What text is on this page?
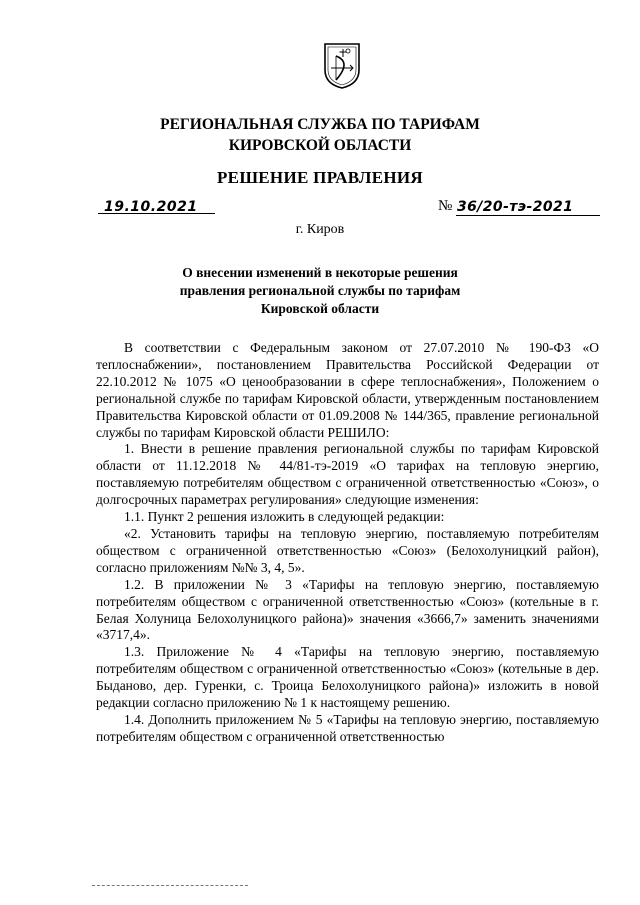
РЕГИОНАЛЬНАЯ СЛУЖБА ПО ТАРИФАМ
КИРОВСКОЙ ОБЛАСТИ
РЕШЕНИЕ ПРАВЛЕНИЯ
19.10.2021	№ 36/20-тэ-2021
г. Киров
О внесении изменений в некоторые решения
правления региональной службы по тарифам
Кировской области

В соответствии с Федеральным законом от 27.07.2010 № 190-ФЗ «О теплоснабжении», постановлением Правительства Российской Федерации от 22.10.2012 № 1075 «О ценообразовании в сфере теплоснабжения», Положением о региональной службе по тарифам Кировской области, утвержденным постановлением Правительства Кировской области от 01.09.2008 № 144/365, правление региональной службы по тарифам Кировской области РЕШИЛО:

1. Внести в решение правления региональной службы по тарифам Кировской области от 11.12.2018 № 44/81-тэ-2019 «О тарифах на тепловую энергию, поставляемую потребителям обществом с ограниченной ответственностью «Союз», о долгосрочных параметрах регулирования» следующие изменения:

1.1. Пункт 2 решения изложить в следующей редакции:

«2. Установить тарифы на тепловую энергию, поставляемую потребителям обществом с ограниченной ответственностью «Союз» (Белохолуницкий район), согласно приложениям №№ 3, 4, 5».

1.2. В приложении № 3 «Тарифы на тепловую энергию, поставляемую потребителям обществом с ограниченной ответственностью «Союз» (котельные в г. Белая Холуница Белохолуницкого района)» значения «3666,7» заменить значениями «3717,4».

1.3. Приложение № 4 «Тарифы на тепловую энергию, поставляемую потребителям обществом с ограниченной ответственностью «Союз» (котельные в дер. Быданово, дер. Гуренки, с. Троица Белохолуницкого района)» изложить в новой редакции согласно приложению № 1 к настоящему решению.

1.4. Дополнить приложением № 5 «Тарифы на тепловую энергию, поставляемую потребителям обществом с ограниченной ответственностью
